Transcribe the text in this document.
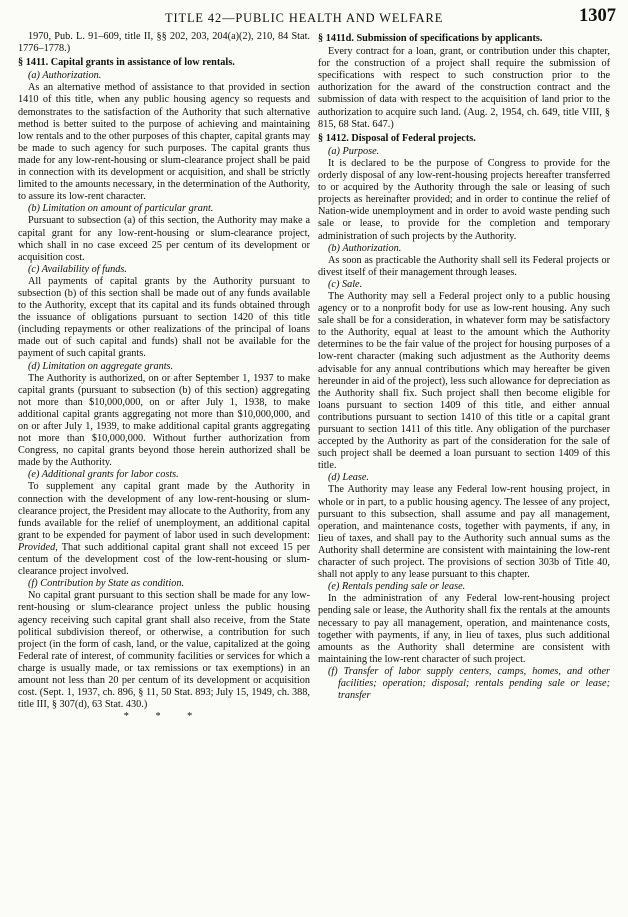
TITLE 42—PUBLIC HEALTH AND WELFARE	1307

1970, Pub. L. 91–609, title II, §§ 202, 203, 204(a)(2), 210, 84 Stat. 1776–1778.)

§ 1411. Capital grants in assistance of low rentals.

(a) Authorization.

As an alternative method of assistance to that provided in section 1410 of this title, when any public housing agency so requests and demonstrates to the satisfaction of the Authority that such alternative method is better suited to the purpose of achieving and maintaining low rentals and to the other purposes of this chapter, capital grants may be made to such agency for such purposes. The capital grants thus made for any low-rent-housing or slum-clearance project shall be paid in connection with its development or acquisition, and shall be strictly limited to the amounts necessary, in the determination of the Authority, to assure its low-rent character.

(b) Limitation on amount of particular grant.

Pursuant to subsection (a) of this section, the Authority may make a capital grant for any low-rent-housing or slum-clearance project, which shall in no case exceed 25 per centum of its development or acquisition cost.

(c) Availability of funds.

All payments of capital grants by the Authority pursuant to subsection (b) of this section shall be made out of any funds available to the Authority, except that its capital and its funds obtained through the issuance of obligations pursuant to section 1420 of this title (including repayments or other realizations of the principal of loans made out of such capital and funds) shall not be available for the payment of such capital grants.

(d) Limitation on aggregate grants.

The Authority is authorized, on or after September 1, 1937 to make capital grants (pursuant to subsection (b) of this section) aggregating not more than $10,000,000, on or after July 1, 1938, to make additional capital grants aggregating not more than $10,000,000, and on or after July 1, 1939, to make additional capital grants aggregating not more than $10,000,000. Without further authorization from Congress, no capital grants beyond those herein authorized shall be made by the Authority.

(e) Additional grants for labor costs.

To supplement any capital grant made by the Authority in connection with the development of any low-rent-housing or slum-clearance project, the President may allocate to the Authority, from any funds available for the relief of unemployment, an additional capital grant to be expended for payment of labor used in such development: Provided, That such additional capital grant shall not exceed 15 per centum of the development cost of the low-rent-housing or slum-clearance project involved.

(f) Contribution by State as condition.

No capital grant pursuant to this section shall be made for any low-rent-housing or slum-clearance project unless the public housing agency receiving such capital grant shall also receive, from the State political subdivision thereof, or otherwise, a contribution for such project (in the form of cash, land, or the value, capitalized at the going Federal rate of interest, of community facilities or services for which a charge is usually made, or tax remissions or tax exemptions) in an amount not less than 20 per centum of its development or acquisition cost. (Sept. 1, 1937, ch. 896, § 11, 50 Stat. 893; July 15, 1949, ch. 388, title III, § 307(d), 63 Stat. 430.)

* * *

§ 1411d. Submission of specifications by applicants.

Every contract for a loan, grant, or contribution under this chapter, for the construction of a project shall require the submission of specifications with respect to such construction prior to the authorization for the award of the construction contract and the submission of data with respect to the acquisition of land prior to the authorization to acquire such land. (Aug. 2, 1954, ch. 649, title VIII, § 815, 68 Stat. 647.)

§ 1412. Disposal of Federal projects.

(a) Purpose.

It is declared to be the purpose of Congress to provide for the orderly disposal of any low-rent-housing projects hereafter transferred to or acquired by the Authority through the sale or leasing of such projects as hereinafter provided; and in order to continue the relief of Nation-wide unemployment and in order to avoid waste pending such sale or lease, to provide for the completion and temporary administration of such projects by the Authority.

(b) Authorization.

As soon as practicable the Authority shall sell its Federal projects or divest itself of their management through leases.

(c) Sale.

The Authority may sell a Federal project only to a public housing agency or to a nonprofit body for use as low-rent housing. Any such sale shall be for a consideration, in whatever form may be satisfactory to the Authority, equal at least to the amount which the Authority determines to be the fair value of the project for housing purposes of a low-rent character (making such adjustment as the Authority deems advisable for any annual contributions which may hereafter be given hereunder in aid of the project), less such allowance for depreciation as the Authority shall fix. Such project shall then become eligible for loans pursuant to section 1409 of this title, and either annual contributions pursuant to section 1410 of this title or a capital grant pursuant to section 1411 of this title. Any obligation of the purchaser accepted by the Authority as part of the consideration for the sale of such project shall be deemed a loan pursuant to section 1409 of this title.

(d) Lease.

The Authority may lease any Federal low-rent housing project, in whole or in part, to a public housing agency. The lessee of any project, pursuant to this subsection, shall assume and pay all management, operation, and maintenance costs, together with payments, if any, in lieu of taxes, and shall pay to the Authority such annual sums as the Authority shall determine are consistent with maintaining the low-rent character of such project. The provisions of section 303b of Title 40, shall not apply to any lease pursuant to this chapter.

(e) Rentals pending sale or lease.

In the administration of any Federal low-rent-housing project pending sale or lease, the Authority shall fix the rentals at the amounts necessary to pay all management, operation, and maintenance costs, together with payments, if any, in lieu of taxes, plus such additional amounts as the Authority shall determine are consistent with maintaining the low-rent character of such project.

(f) Transfer of labor supply centers, camps, homes, and other facilities; operation; disposal; rentals pending sale or lease; transfer
